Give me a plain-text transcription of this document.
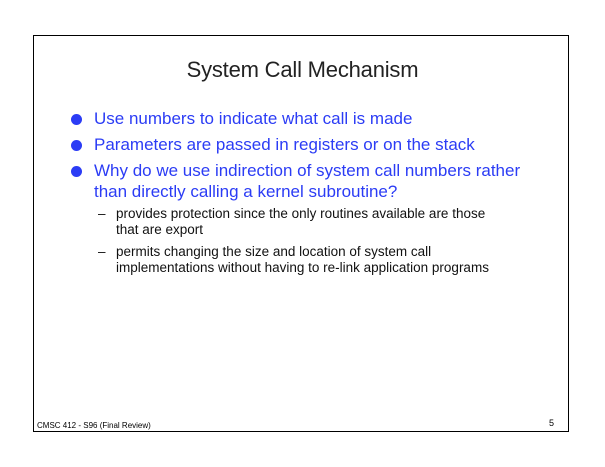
System Call Mechanism
Use numbers to indicate what call is made
Parameters are passed in registers or on the stack
Why do we use indirection of system call numbers rather than directly calling a kernel subroutine?
– provides protection since the only routines available are those that are export
– permits changing the size and location of system call implementations without having to re-link application programs
CMSC 412 - S96 (Final Review)	5
